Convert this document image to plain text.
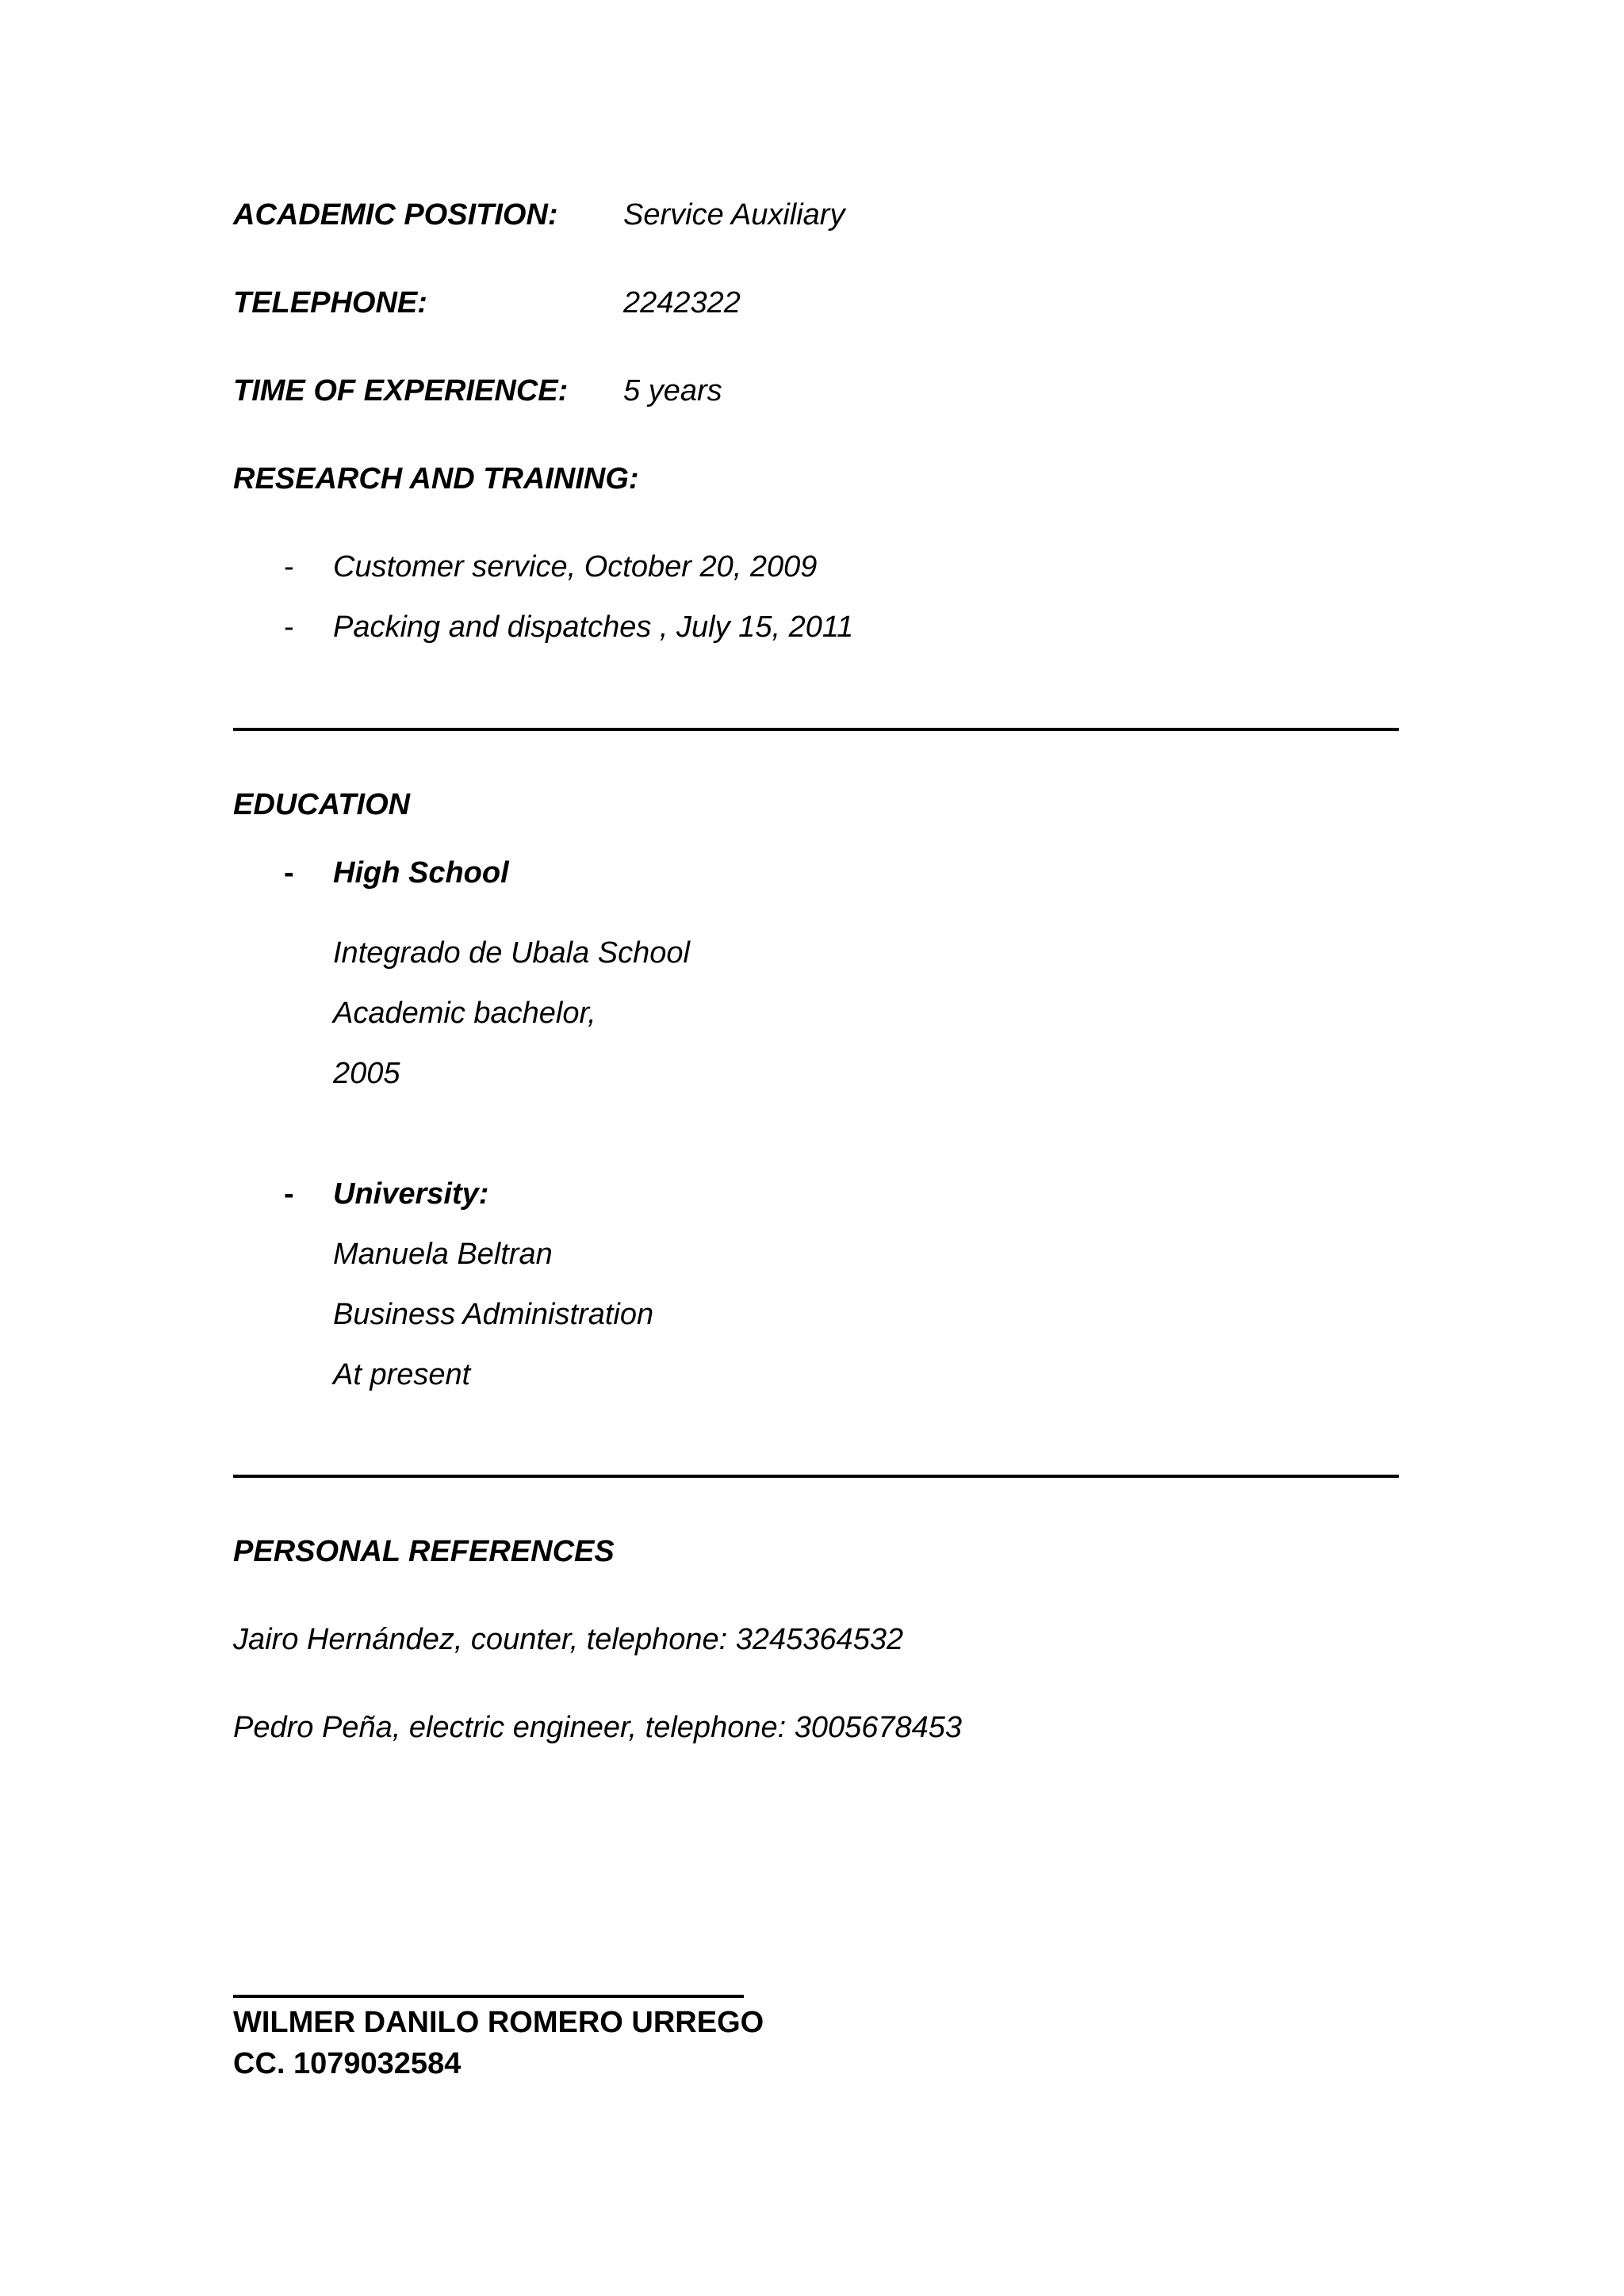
ACADEMIC POSITION: Service Auxiliary
TELEPHONE:	2242322
TIME OF EXPERIENCE: 5 years
RESEARCH AND TRAINING:
- Customer service, October 20, 2009
- Packing and dispatches , July 15, 2011
EDUCATION
- High School
Integrado de Ubala School
Academic bachelor,
2005
- University:
Manuela Beltran
Business Administration
At present
PERSONAL REFERENCES
Jairo Hernández, counter, telephone: 3245364532
Pedro Peña, electric engineer, telephone: 3005678453
WILMER DANILO ROMERO URREGO
CC. 1079032584
